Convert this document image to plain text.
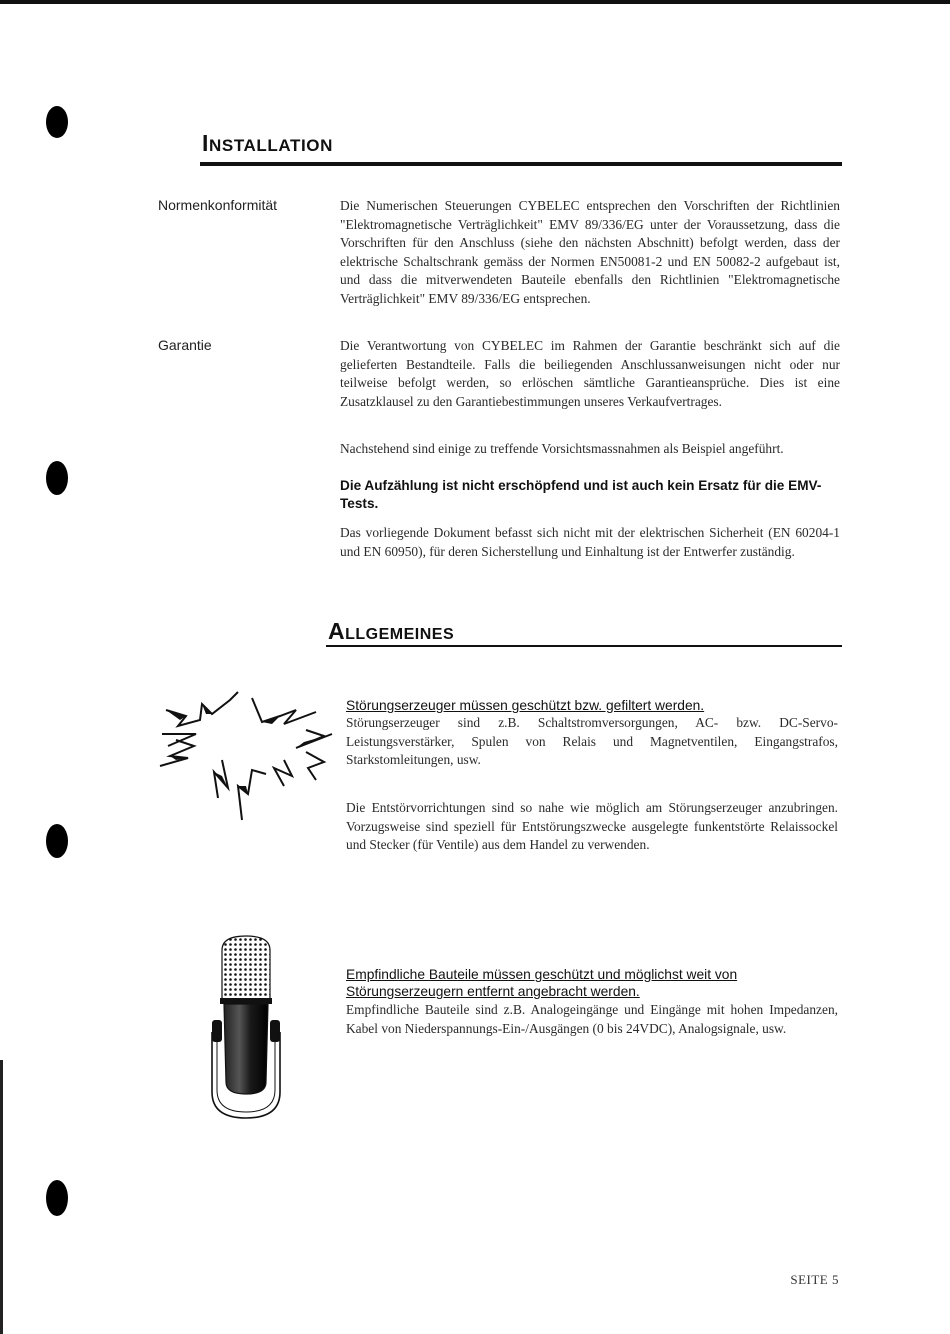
INSTALLATION
Normenkonformität	Die Numerischen Steuerungen CYBELEC entsprechen den Vorschriften der Richtlinien "Elektromagnetische Verträglichkeit" EMV 89/336/EG unter der Voraussetzung, dass die Vorschriften für den Anschluss (siehe den nächsten Abschnitt) befolgt werden, dass der elektrische Schaltschrank gemäss der Normen EN50081-2 und EN 50082-2 aufgebaut ist, und dass die mitverwendeten Bauteile ebenfalls den Richtlinien "Elektromagnetische Verträglichkeit" EMV 89/336/EG entsprechen.

Garantie	Die Verantwortung von CYBELEC im Rahmen der Garantie beschränkt sich auf die gelieferten Bestandteile. Falls die beiliegenden Anschlussanweisungen nicht oder nur teilweise befolgt werden, so erlöschen sämtliche Garantieansprüche. Dies ist eine Zusatzklausel zu den Garantiebestimmungen unseres Verkaufvertrages.

Nachstehend sind einige zu treffende Vorsichtsmassnahmen als Beispiel angeführt.

Die Aufzählung ist nicht erschöpfend und ist auch kein Ersatz für die EMV-Tests.

Das vorliegende Dokument befasst sich nicht mit der elektrischen Sicherheit (EN 60204-1 und EN 60950), für deren Sicherstellung und Einhaltung ist der Entwerfer zuständig.

ALLGEMEINES

Störungserzeuger müssen geschützt bzw. gefiltert werden.

Störungserzeuger sind z.B. Schaltstromversorgungen, AC- bzw. DC-Servo-Leistungsverstärker, Spulen von Relais und Magnetventilen, Eingangstrafos, Starkstomleitungen, usw.

Die Entstörvorrichtungen sind so nahe wie möglich am Störungserzeuger anzubringen. Vorzugsweise sind speziell für Entstörungszwecke ausgelegte funkentstörte Relaissockel und Stecker (für Ventile) aus dem Handel zu verwenden.

Empfindliche Bauteile müssen geschützt und möglichst weit von Störungserzeugern entfernt angebracht werden.

Empfindliche Bauteile sind z.B. Analogeingänge und Eingänge mit hohen Impedanzen, Kabel von Niederspannungs-Ein-/Ausgängen (0 bis 24VDC), Analogsignale, usw.

SEITE 5
